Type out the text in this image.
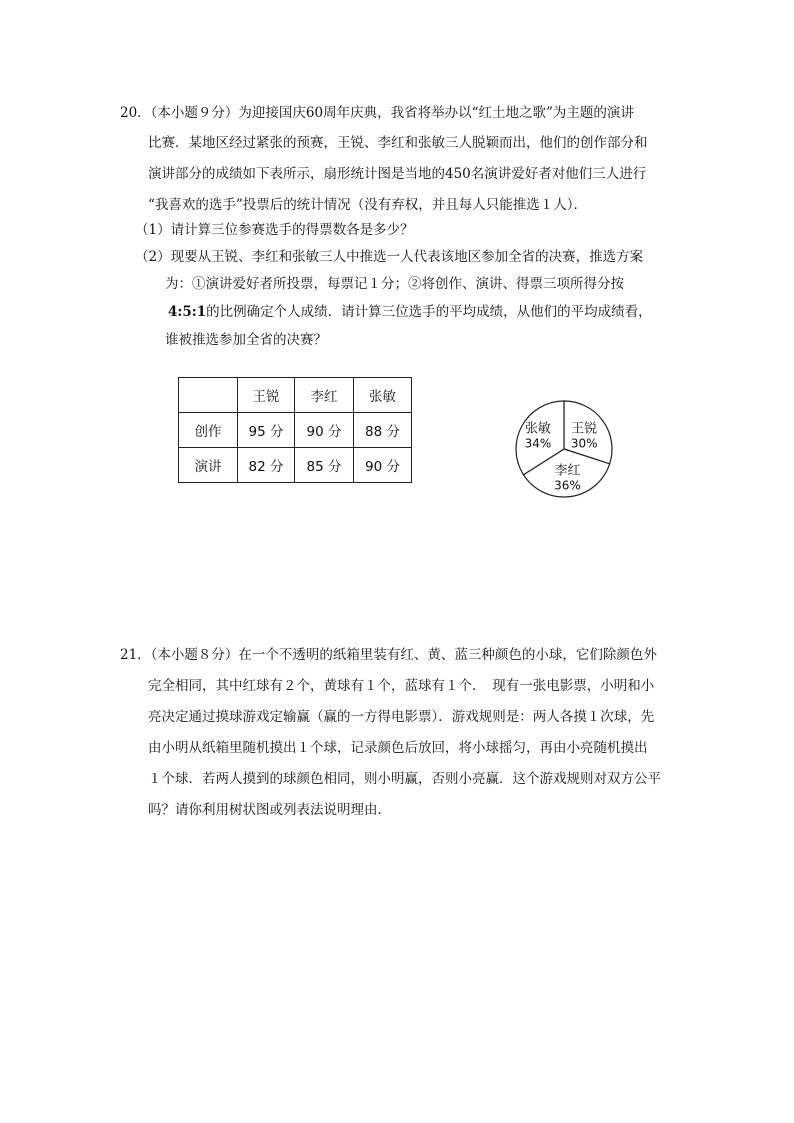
20．（本小题９分）为迎接国庆60周年庆典，我省将举办以“红土地之歌”为主题的演讲
比赛．某地区经过紧张的预赛，王锐、李红和张敏三人脱颖而出，他们的创作部分和
演讲部分的成绩如下表所示，扇形统计图是当地的450名演讲爱好者对他们三人进行
“我喜欢的选手”投票后的统计情况（没有弃权，并且每人只能推选１人）．
（1）请计算三位参赛选手的得票数各是多少？
（2）现要从王锐、李红和张敏三人中推选一人代表该地区参加全省的决赛，推选方案
为：①演讲爱好者所投票，每票记１分；②将创作、演讲、得票三项所得分按
4:5:1的比例确定个人成绩．请计算三位选手的平均成绩，从他们的平均成绩看，
谁被推选参加全省的决赛？
	王锐	李红	张敏
创作	95 分	90 分	88 分
演讲	82 分	85 分	90 分
王锐
30%
李红
36%
张敏
34%
21．（本小题８分）在一个不透明的纸箱里装有红、黄、蓝三种颜色的小球，它们除颜色外
完全相同，其中红球有２个，黄球有１个，蓝球有１个．　现有一张电影票，小明和小
亮决定通过摸球游戏定输赢（赢的一方得电影票）．游戏规则是：两人各摸１次球，先
由小明从纸箱里随机摸出１个球，记录颜色后放回，将小球摇匀，再由小亮随机摸出
１个球．若两人摸到的球颜色相同，则小明赢，否则小亮赢．这个游戏规则对双方公平
吗？请你利用树状图或列表法说明理由．
